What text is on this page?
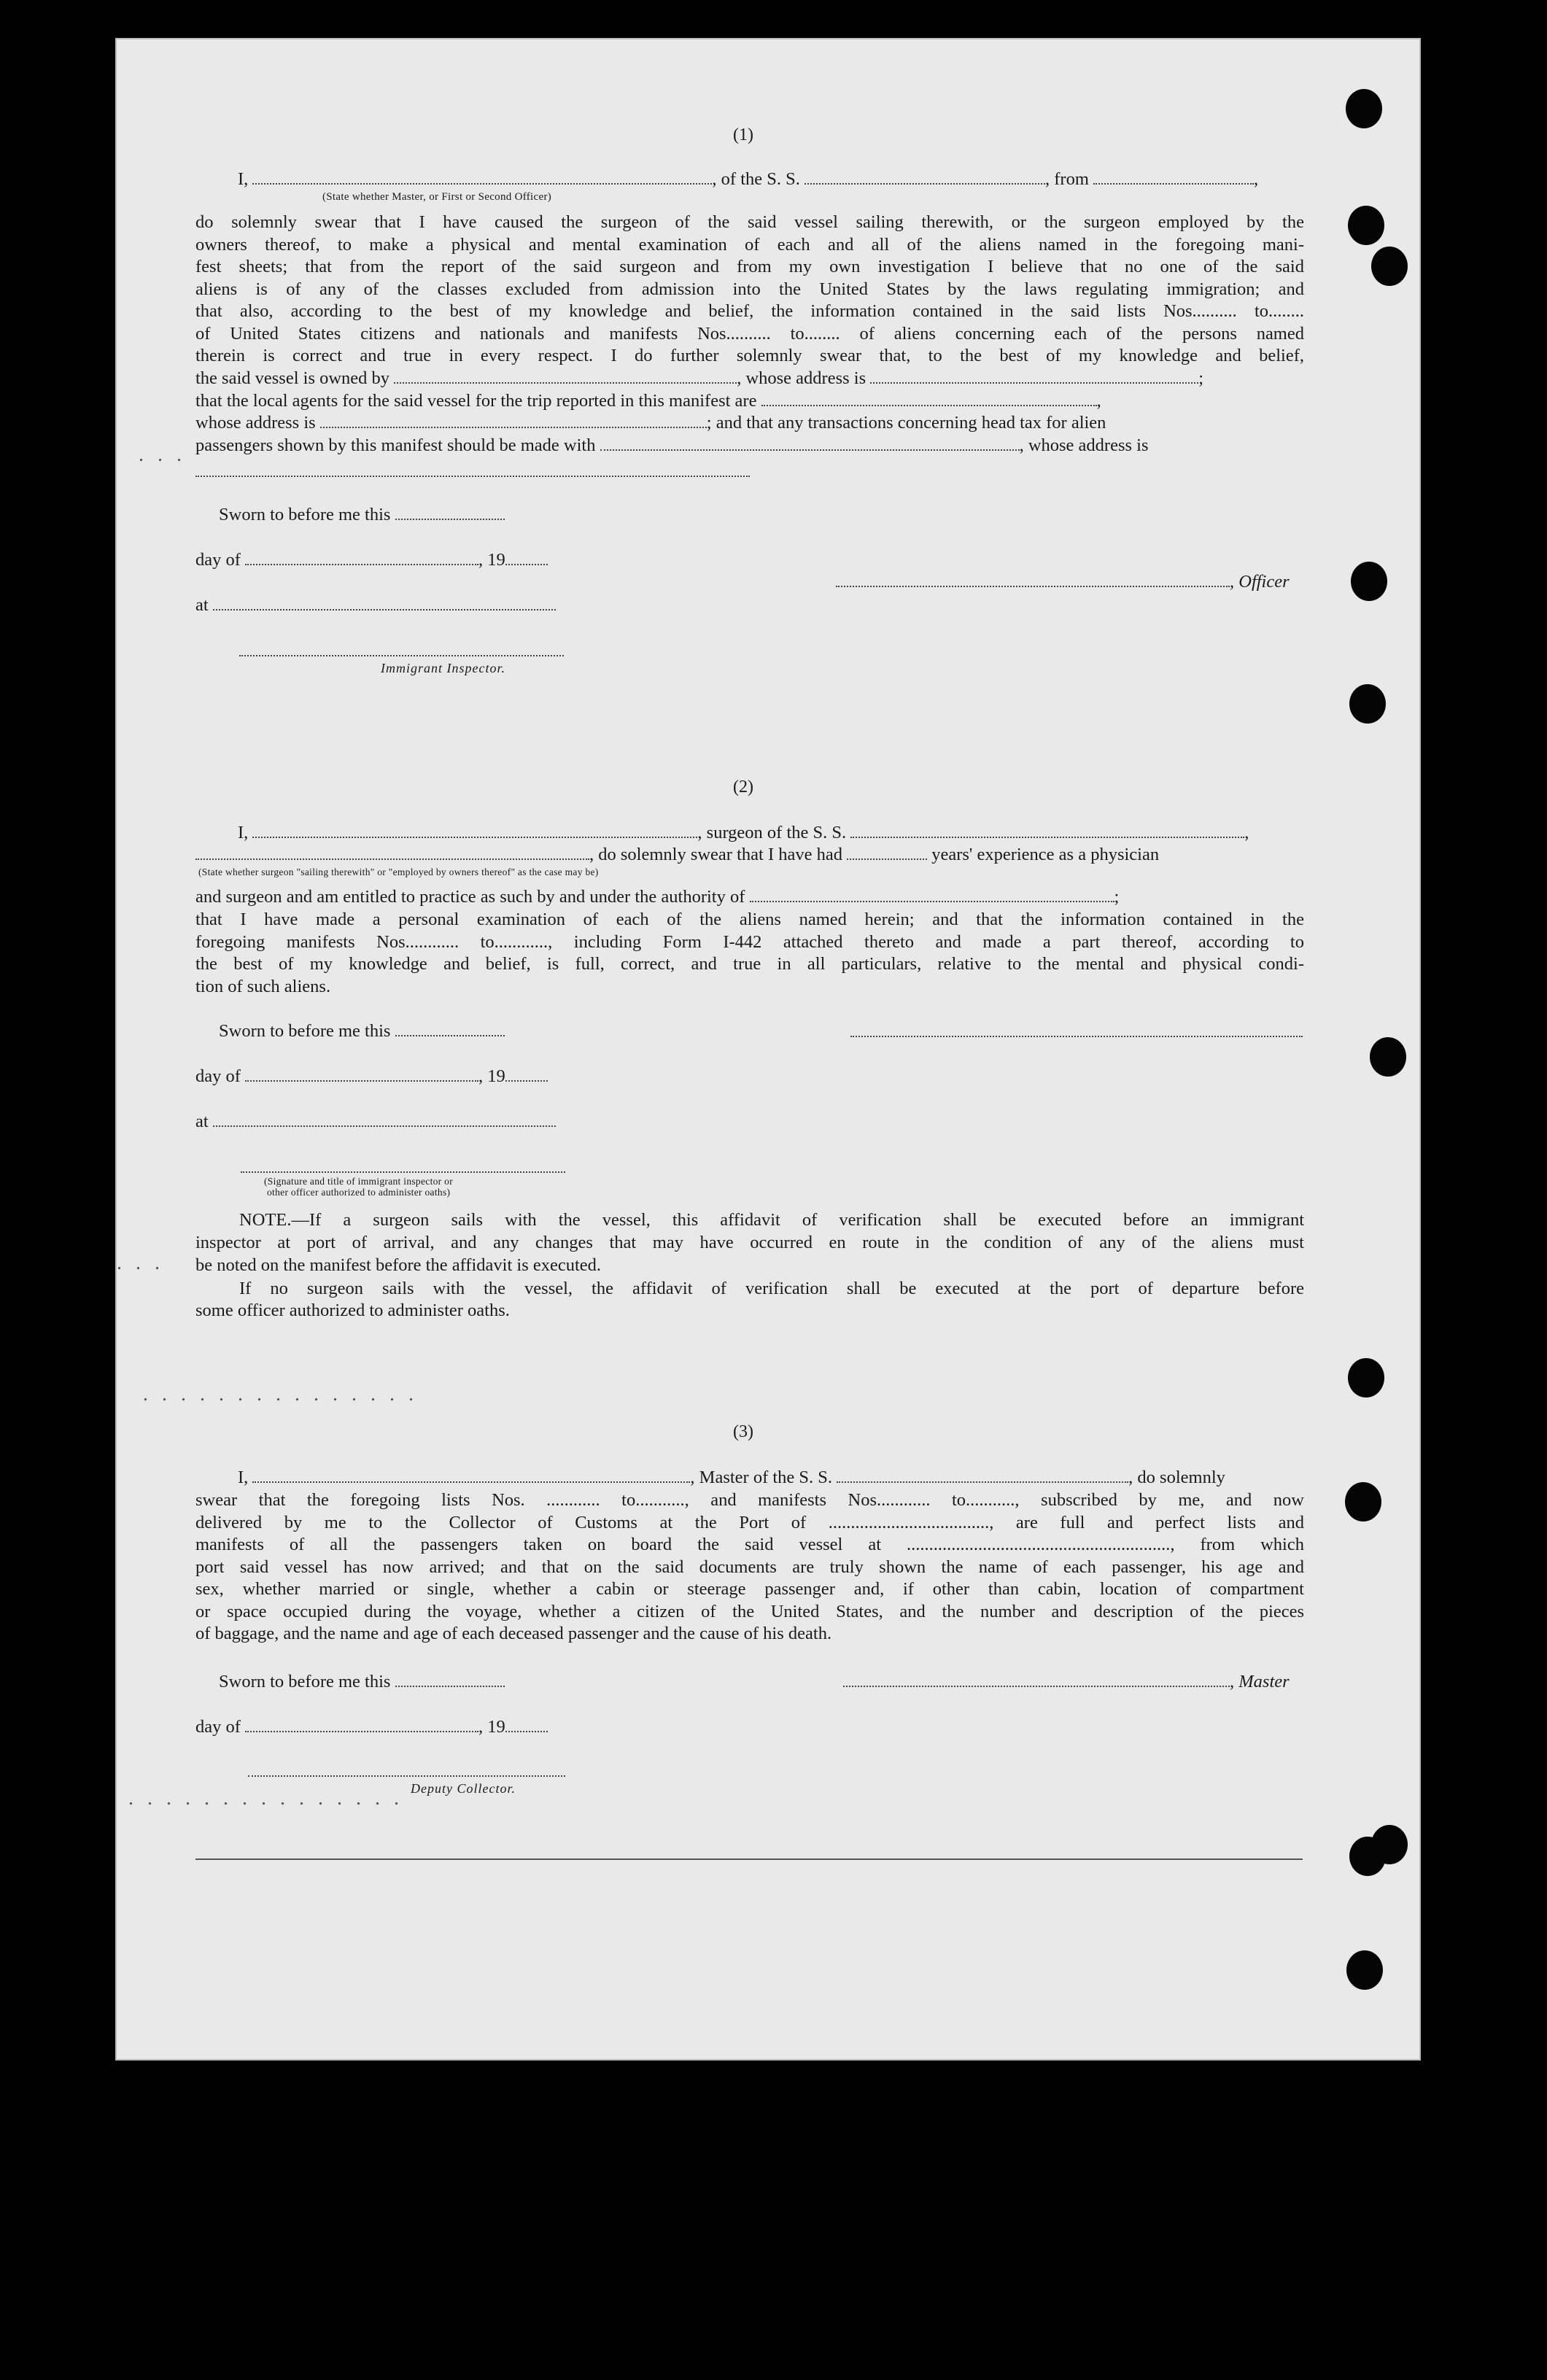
. . .
. . .
. . . . . . . . . . . . . . .
. . . . . . . . . . . . . . .
(1)
I,	, of the S. S.	, from	,
(State whether Master, or First or Second Officer)
do solemnly swear that I have caused the surgeon of the said vessel sailing therewith, or the surgeon employed by the
owners thereof, to make a physical and mental examination of each and all of the aliens named in the foregoing mani-
fest sheets; that from the report of the said surgeon and from my own investigation I believe that no one of the said
aliens is of any of the classes excluded from admission into the United States by the laws regulating immigration; and
that also, according to the best of my knowledge and belief, the information contained in the said lists Nos.......... to........
of United States citizens and nationals and manifests Nos.......... to........ of aliens concerning each of the persons named
therein is correct and true in every respect. I do further solemnly swear that, to the best of my knowledge and belief,
the said vessel is owned by	, whose address is	;
that the local agents for the said vessel for the trip reported in this manifest are	,
whose address is	; and that any transactions concerning head tax for alien
passengers shown by this manifest should be made with	, whose address is
Sworn to before me this
day of	, 19
at
Immigrant Inspector.
, Officer
(2)
I,	, surgeon of the S. S.	,
, do solemnly swear that I have had	years' experience as a physician
(State whether surgeon "sailing therewith" or "employed by owners thereof" as the case may be)
and surgeon and am entitled to practice as such by and under the authority of	;
that I have made a personal examination of each of the aliens named herein; and that the information contained in the
foregoing manifests Nos............ to............, including Form I-442 attached thereto and made a part thereof, according to
the best of my knowledge and belief, is full, correct, and true in all particulars, relative to the mental and physical condi-
tion of such aliens.
Sworn to before me this
day of	, 19
at
(Signature and title of immigrant inspector or
other officer authorized to administer oaths)
NOTE.—If a surgeon sails with the vessel, this affidavit of verification shall be executed before an immigrant
inspector at port of arrival, and any changes that may have occurred en route in the condition of any of the aliens must
be noted on the manifest before the affidavit is executed.
If no surgeon sails with the vessel, the affidavit of verification shall be executed at the port of departure before
some officer authorized to administer oaths.
(3)
I,	, Master of the S. S.	, do solemnly
swear that the foregoing lists Nos. ............ to..........., and manifests Nos............ to..........., subscribed by me, and now
delivered by me to the Collector of Customs at the Port of ...................................., are full and perfect lists and
manifests of all the passengers taken on board the said vessel at ..........................................................., from which
port said vessel has now arrived; and that on the said documents are truly shown the name of each passenger, his age and
sex, whether married or single, whether a cabin or steerage passenger and, if other than cabin, location of compartment
or space occupied during the voyage, whether a citizen of the United States, and the number and description of the pieces
of baggage, and the name and age of each deceased passenger and the cause of his death.
Sworn to before me this	, Master
day of	, 19
Deputy Collector.
